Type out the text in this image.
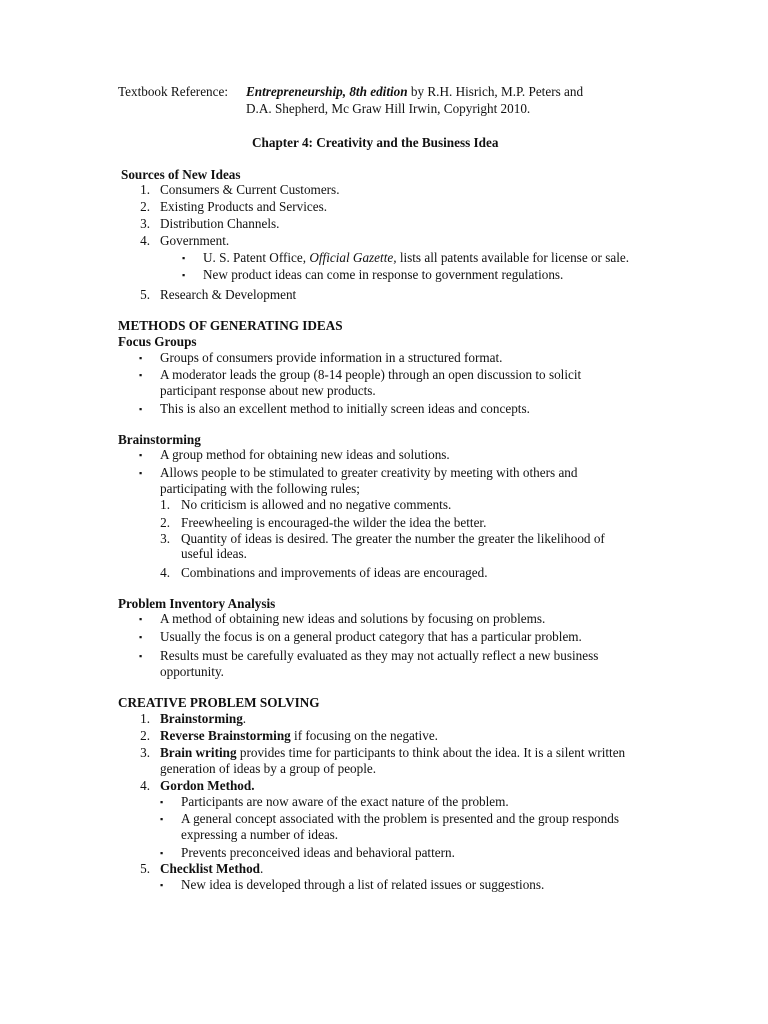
Textbook Reference: Entrepreneurship, 8th edition by R.H. Hisrich, M.P. Peters and
D.A. Shepherd, Mc Graw Hill Irwin, Copyright 2010.
Chapter 4: Creativity and the Business Idea
Sources of New Ideas
1. Consumers & Current Customers.
2. Existing Products and Services.
3. Distribution Channels.
4. Government.
▪ U. S. Patent Office, Official Gazette, lists all patents available for license or sale.
▪ New product ideas can come in response to government regulations.
5. Research & Development
METHODS OF GENERATING IDEAS
Focus Groups
▪ Groups of consumers provide information in a structured format.
▪ A moderator leads the group (8-14 people) through an open discussion to solicit
participant response about new products.
▪ This is also an excellent method to initially screen ideas and concepts.
Brainstorming
▪ A group method for obtaining new ideas and solutions.
▪ Allows people to be stimulated to greater creativity by meeting with others and
participating with the following rules;
1. No criticism is allowed and no negative comments.
2. Freewheeling is encouraged-the wilder the idea the better.
3. Quantity of ideas is desired. The greater the number the greater the likelihood of
useful ideas.
4. Combinations and improvements of ideas are encouraged.
Problem Inventory Analysis
▪ A method of obtaining new ideas and solutions by focusing on problems.
▪ Usually the focus is on a general product category that has a particular problem.
▪ Results must be carefully evaluated as they may not actually reflect a new business
opportunity.
CREATIVE PROBLEM SOLVING
1. Brainstorming.
2. Reverse Brainstorming if focusing on the negative.
3. Brain writing provides time for participants to think about the idea. It is a silent written
generation of ideas by a group of people.
4. Gordon Method.
▪ Participants are now aware of the exact nature of the problem.
▪ A general concept associated with the problem is presented and the group responds
expressing a number of ideas.
▪ Prevents preconceived ideas and behavioral pattern.
5. Checklist Method.
▪ New idea is developed through a list of related issues or suggestions.
